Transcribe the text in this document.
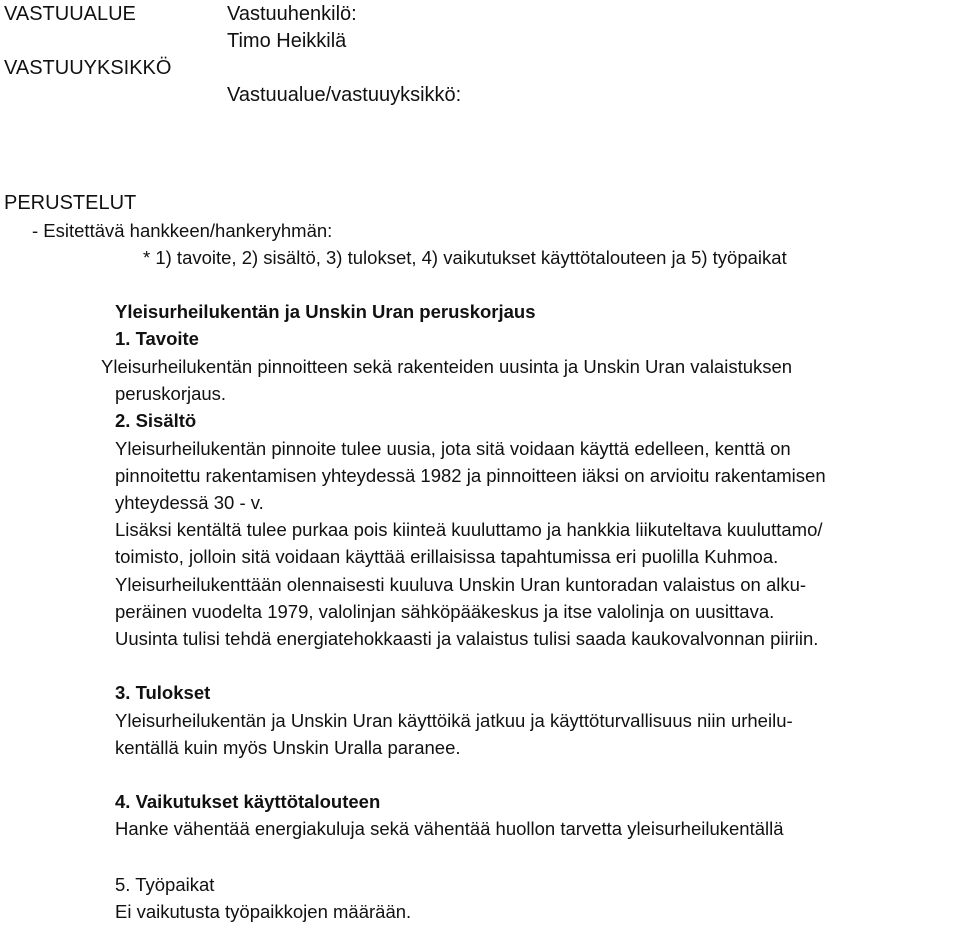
VASTUUALUE
VASTUUYKSIKKÖ
Vastuuhenkilö:
Timo Heikkilä
Vastuualue/vastuuyksikkö:
PERUSTELUT
- Esitettävä hankkeen/hankeryhmän:
* 1) tavoite, 2) sisältö, 3) tulokset, 4) vaikutukset käyttötalouteen ja 5) työpaikat
Yleisurheilukentän ja Unskin Uran peruskorjaus
1. Tavoite
Yleisurheilukentän pinnoitteen sekä rakenteiden uusinta ja Unskin Uran valaistuksen
peruskorjaus.
2. Sisältö
Yleisurheilukentän pinnoite tulee uusia, jota sitä voidaan käyttä edelleen, kenttä on
pinnoitettu rakentamisen yhteydessä 1982 ja pinnoitteen iäksi on arvioitu rakentamisen
yhteydessä 30 - v.
Lisäksi kentältä tulee purkaa pois kiinteä kuuluttamo ja hankkia liikuteltava kuuluttamo/
toimisto, jolloin sitä voidaan käyttää erillaisissa tapahtumissa eri puolilla Kuhmoa.
Yleisurheilukenttään olennaisesti kuuluva Unskin Uran kuntoradan valaistus on alku-
peräinen vuodelta 1979, valolinjan sähköpääkeskus ja itse valolinja on uusittava.
Uusinta tulisi tehdä energiatehokkaasti ja valaistus tulisi saada kaukovalvonnan piiriin.
3. Tulokset
Yleisurheilukentän ja Unskin Uran käyttöikä jatkuu ja käyttöturvallisuus niin urheilu-
kentällä kuin myös Unskin Uralla paranee.
4. Vaikutukset käyttötalouteen
Hanke vähentää energiakuluja sekä vähentää huollon tarvetta yleisurheilukentällä
5. Työpaikat
Ei vaikutusta työpaikkojen määrään.
